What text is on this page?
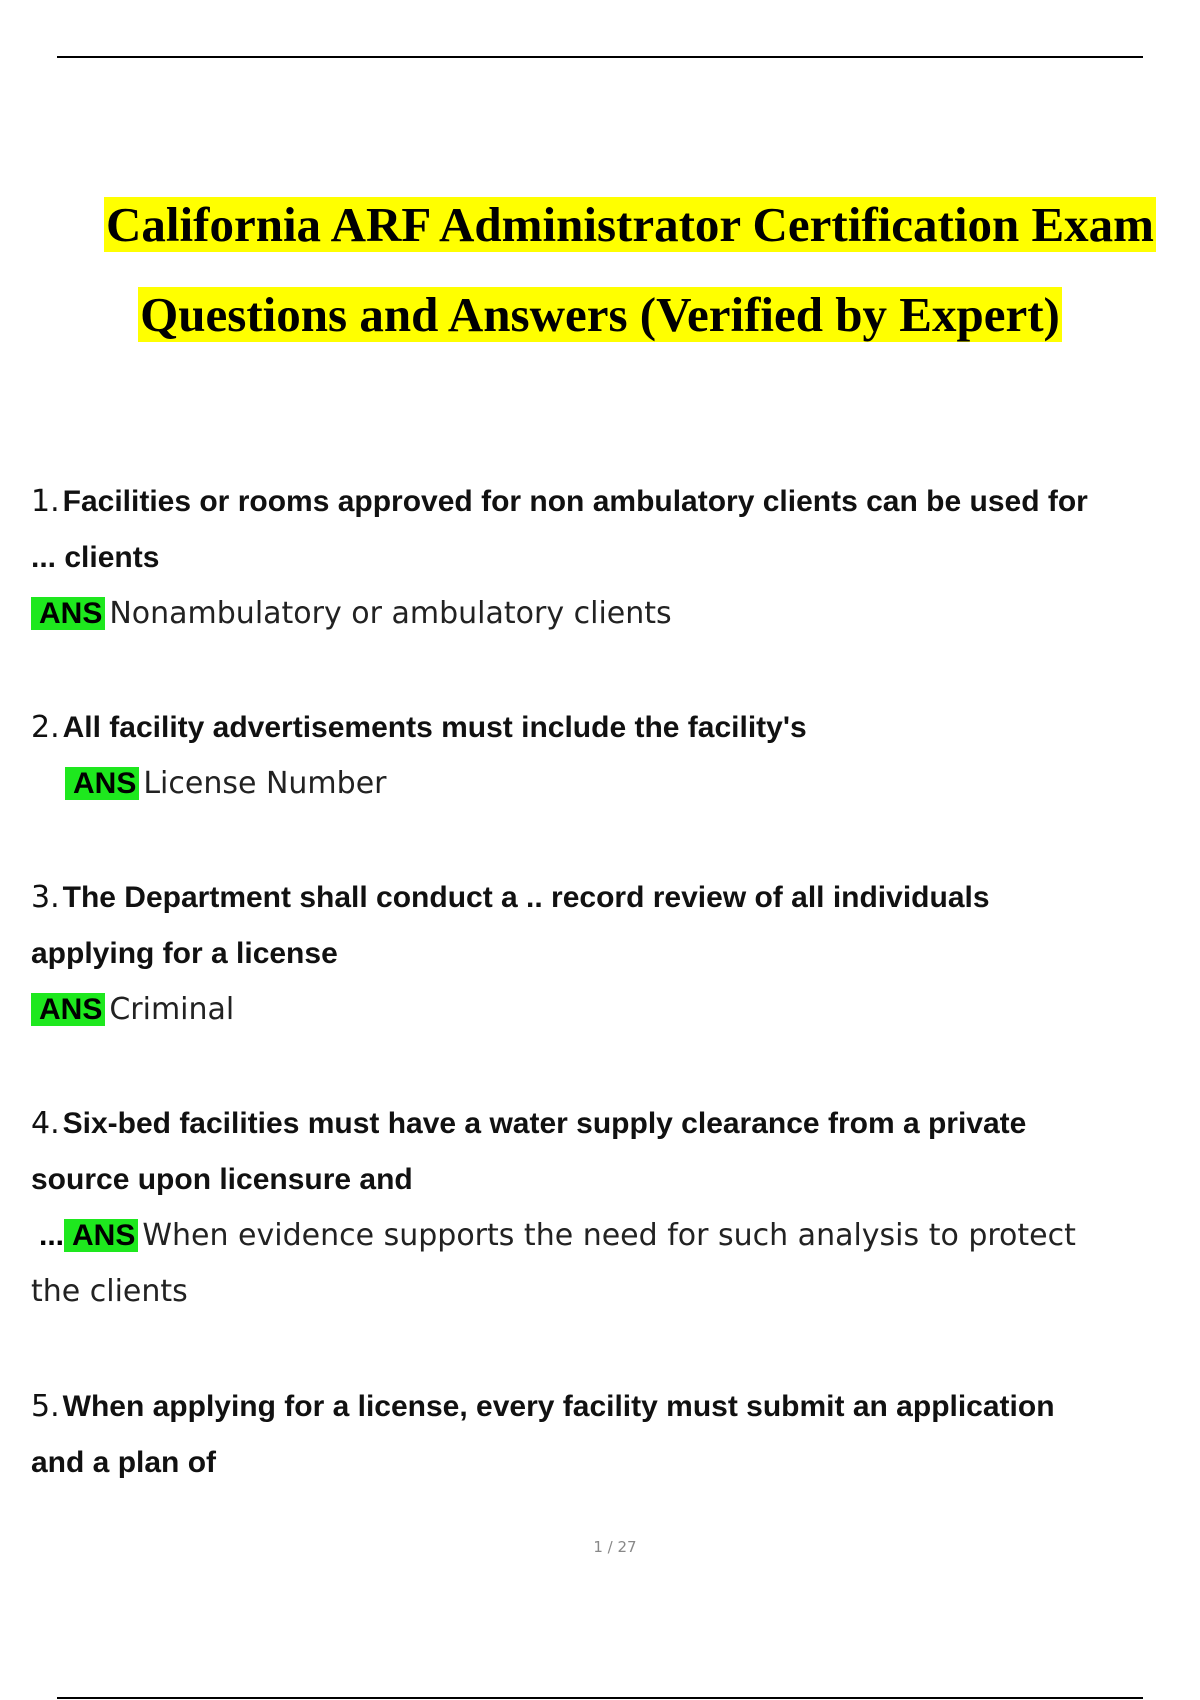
California ARF Administrator Certification Exam
Questions and Answers (Verified by Expert)

1. Facilities or rooms approved for non ambulatory clients can be used for

... clients

ANS Nonambulatory or ambulatory clients

2. All facility advertisements must include the facility's

ANS License Number

3. The Department shall conduct a .. record review of all individuals

applying for a license

ANS Criminal

4. Six-bed facilities must have a water supply clearance from a private

source upon licensure and

... ANS When evidence supports the need for such analysis to protect

the clients

5. When applying for a license, every facility must submit an application

and a plan of

1 / 27
